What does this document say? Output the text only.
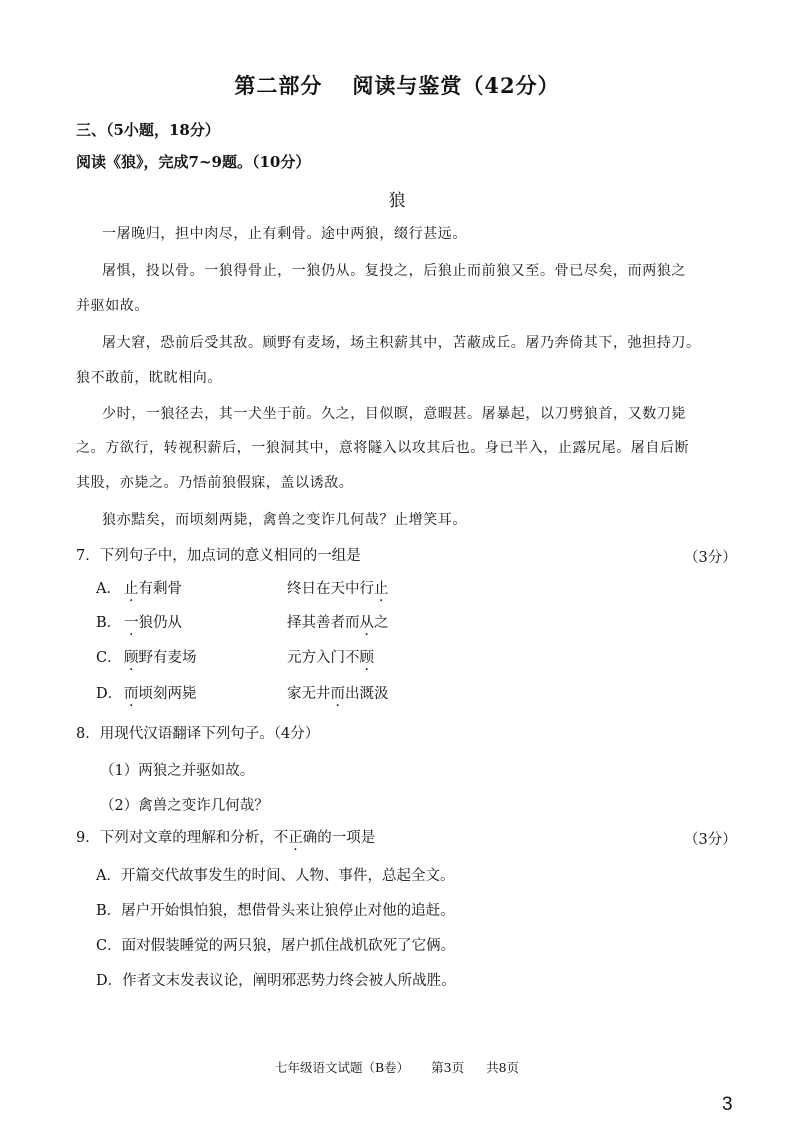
第二部分 阅读与鉴赏（42分）
三、（5小题，18分）
阅读《狼》，完成7~9题。（10分）
狼
一屠晚归，担中肉尽，止有剩骨。途中两狼，缀行甚远。
屠惧，投以骨。一狼得骨止，一狼仍从。复投之，后狼止而前狼又至。骨已尽矣，而两狼之
并驱如故。
屠大窘，恐前后受其敌。顾野有麦场，场主积薪其中，苫蔽成丘。屠乃奔倚其下，弛担持刀。
狼不敢前，眈眈相向。
少时，一狼径去，其一犬坐于前。久之，目似瞑，意暇甚。屠暴起，以刀劈狼首，又数刀毙
之。方欲行，转视积薪后，一狼洞其中，意将隧入以攻其后也。身已半入，止露尻尾。屠自后断
其股，亦毙之。乃悟前狼假寐，盖以诱敌。
狼亦黠矣，而顷刻两毙，禽兽之变诈几何哉？止增笑耳。
7．下列句子中，加点词的意义相同的一组是	（3分）
A． 止有剩骨	终日在天中行止
B． 一狼仍从	择其善者而从之
C． 顾野有麦场	元方入门不顾
D． 而顷刻两毙	家无井而出溉汲
8．用现代汉语翻译下列句子。（4分）
（1）两狼之并驱如故。
（2）禽兽之变诈几何哉？
9．下列对文章的理解和分析，不正确的一项是	（3分）
A．开篇交代故事发生的时间、人物、事件，总起全文。
B．屠户开始惧怕狼，想借骨头来让狼停止对他的追赶。
C．面对假装睡觉的两只狼，屠户抓住战机砍死了它俩。
D．作者文末发表议论，阐明邪恶势力终会被人所战胜。
七年级语文试题（B卷） 第3页 共8页
3
